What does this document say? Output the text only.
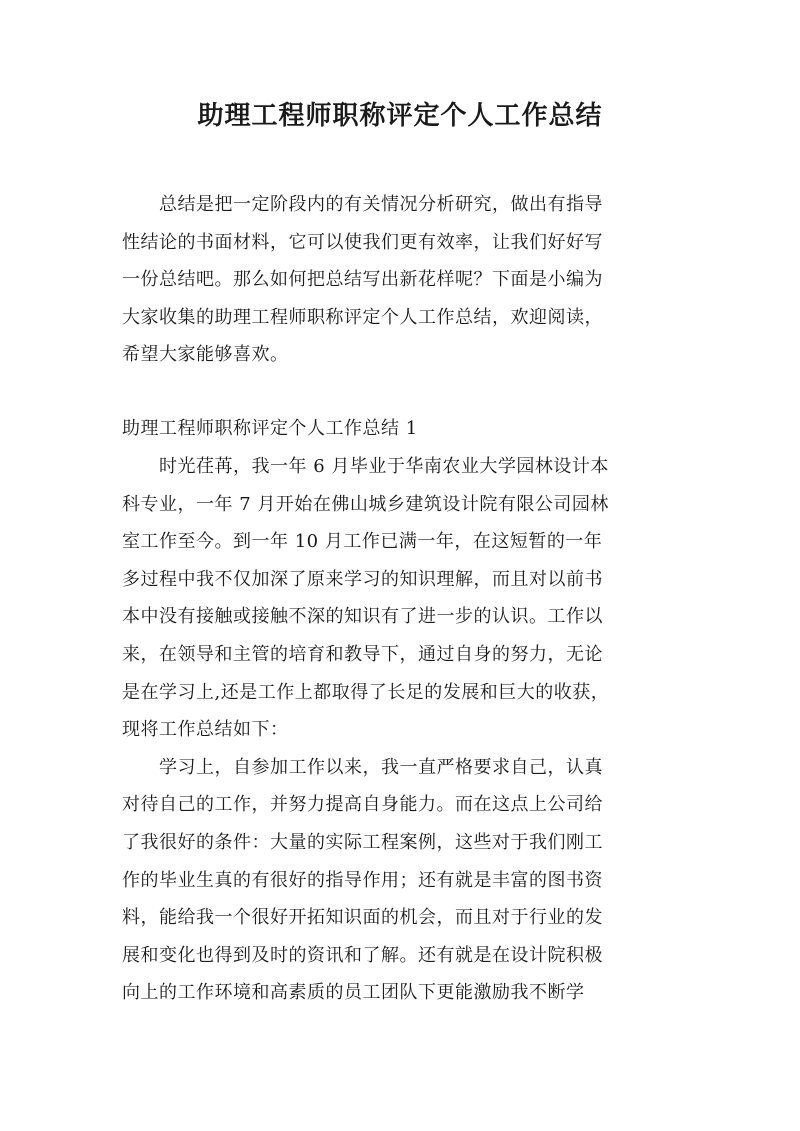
助理工程师职称评定个人工作总结
　　总结是把一定阶段内的有关情况分析研究，做出有指导
性结论的书面材料，它可以使我们更有效率，让我们好好写
一份总结吧。那么如何把总结写出新花样呢？下面是小编为
大家收集的助理工程师职称评定个人工作总结，欢迎阅读，
希望大家能够喜欢。
助理工程师职称评定个人工作总结 1
　　时光荏苒，我一年 6 月毕业于华南农业大学园林设计本
科专业，一年 7 月开始在佛山城乡建筑设计院有限公司园林
室工作至今。到一年 10 月工作已满一年，在这短暂的一年
多过程中我不仅加深了原来学习的知识理解，而且对以前书
本中没有接触或接触不深的知识有了进一步的认识。工作以
来，在领导和主管的培育和教导下，通过自身的努力，无论
是在学习上,还是工作上都取得了长足的发展和巨大的收获，
现将工作总结如下：
　　学习上，自参加工作以来，我一直严格要求自己，认真
对待自己的工作，并努力提高自身能力。而在这点上公司给
了我很好的条件：大量的实际工程案例，这些对于我们刚工
作的毕业生真的有很好的指导作用；还有就是丰富的图书资
料，能给我一个很好开拓知识面的机会，而且对于行业的发
展和变化也得到及时的资讯和了解。还有就是在设计院积极
向上的工作环境和高素质的员工团队下更能激励我不断学
